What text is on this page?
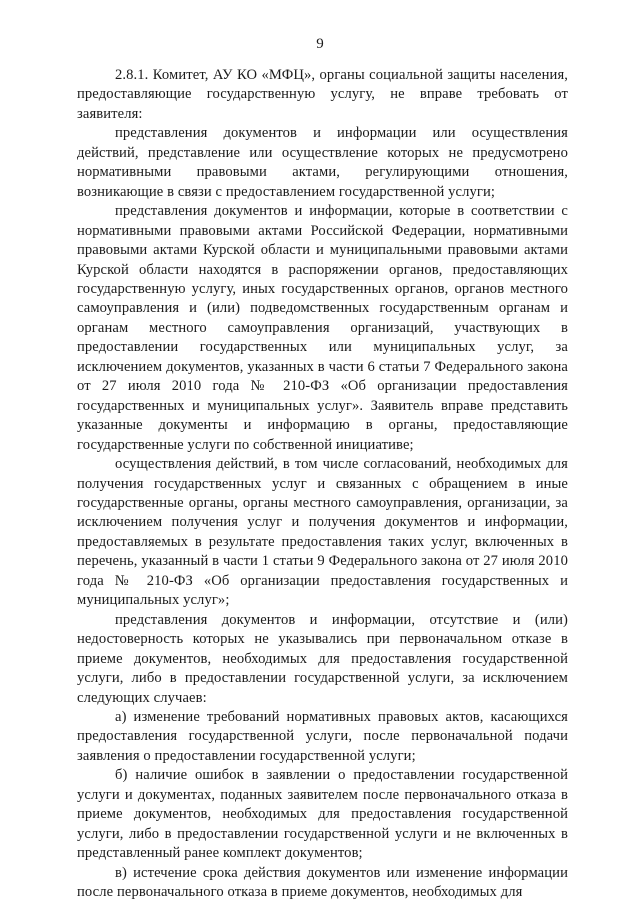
9

2.8.1. Комитет, АУ КО «МФЦ», органы социальной защиты населения, предоставляющие государственную услугу, не вправе требовать от заявителя:

представления документов и информации или осуществления действий, представление или осуществление которых не предусмотрено нормативными правовыми актами, регулирующими отношения, возникающие в связи с предоставлением государственной услуги;

представления документов и информации, которые в соответствии с нормативными правовыми актами Российской Федерации, нормативными правовыми актами Курской области и муниципальными правовыми актами Курской области находятся в распоряжении органов, предоставляющих государственную услугу, иных государственных органов, органов местного самоуправления и (или) подведомственных государственным органам и органам местного самоуправления организаций, участвующих в предоставлении государственных или муниципальных услуг, за исключением документов, указанных в части 6 статьи 7 Федерального закона от 27 июля 2010 года № 210-ФЗ «Об организации предоставления государственных и муниципальных услуг». Заявитель вправе представить указанные документы и информацию в органы, предоставляющие государственные услуги по собственной инициативе;

осуществления действий, в том числе согласований, необходимых для получения государственных услуг и связанных с обращением в иные государственные органы, органы местного самоуправления, организации, за исключением получения услуг и получения документов и информации, предоставляемых в результате предоставления таких услуг, включенных в перечень, указанный в части 1 статьи 9 Федерального закона от 27 июля 2010 года № 210-ФЗ «Об организации предоставления государственных и муниципальных услуг»;

представления документов и информации, отсутствие и (или) недостоверность которых не указывались при первоначальном отказе в приеме документов, необходимых для предоставления государственной услуги, либо в предоставлении государственной услуги, за исключением следующих случаев:

а) изменение требований нормативных правовых актов, касающихся предоставления государственной услуги, после первоначальной подачи заявления о предоставлении государственной услуги;

б) наличие ошибок в заявлении о предоставлении государственной услуги и документах, поданных заявителем после первоначального отказа в приеме документов, необходимых для предоставления государственной услуги, либо в предоставлении государственной услуги и не включенных в представленный ранее комплект документов;

в) истечение срока действия документов или изменение информации после первоначального отказа в приеме документов, необходимых для
